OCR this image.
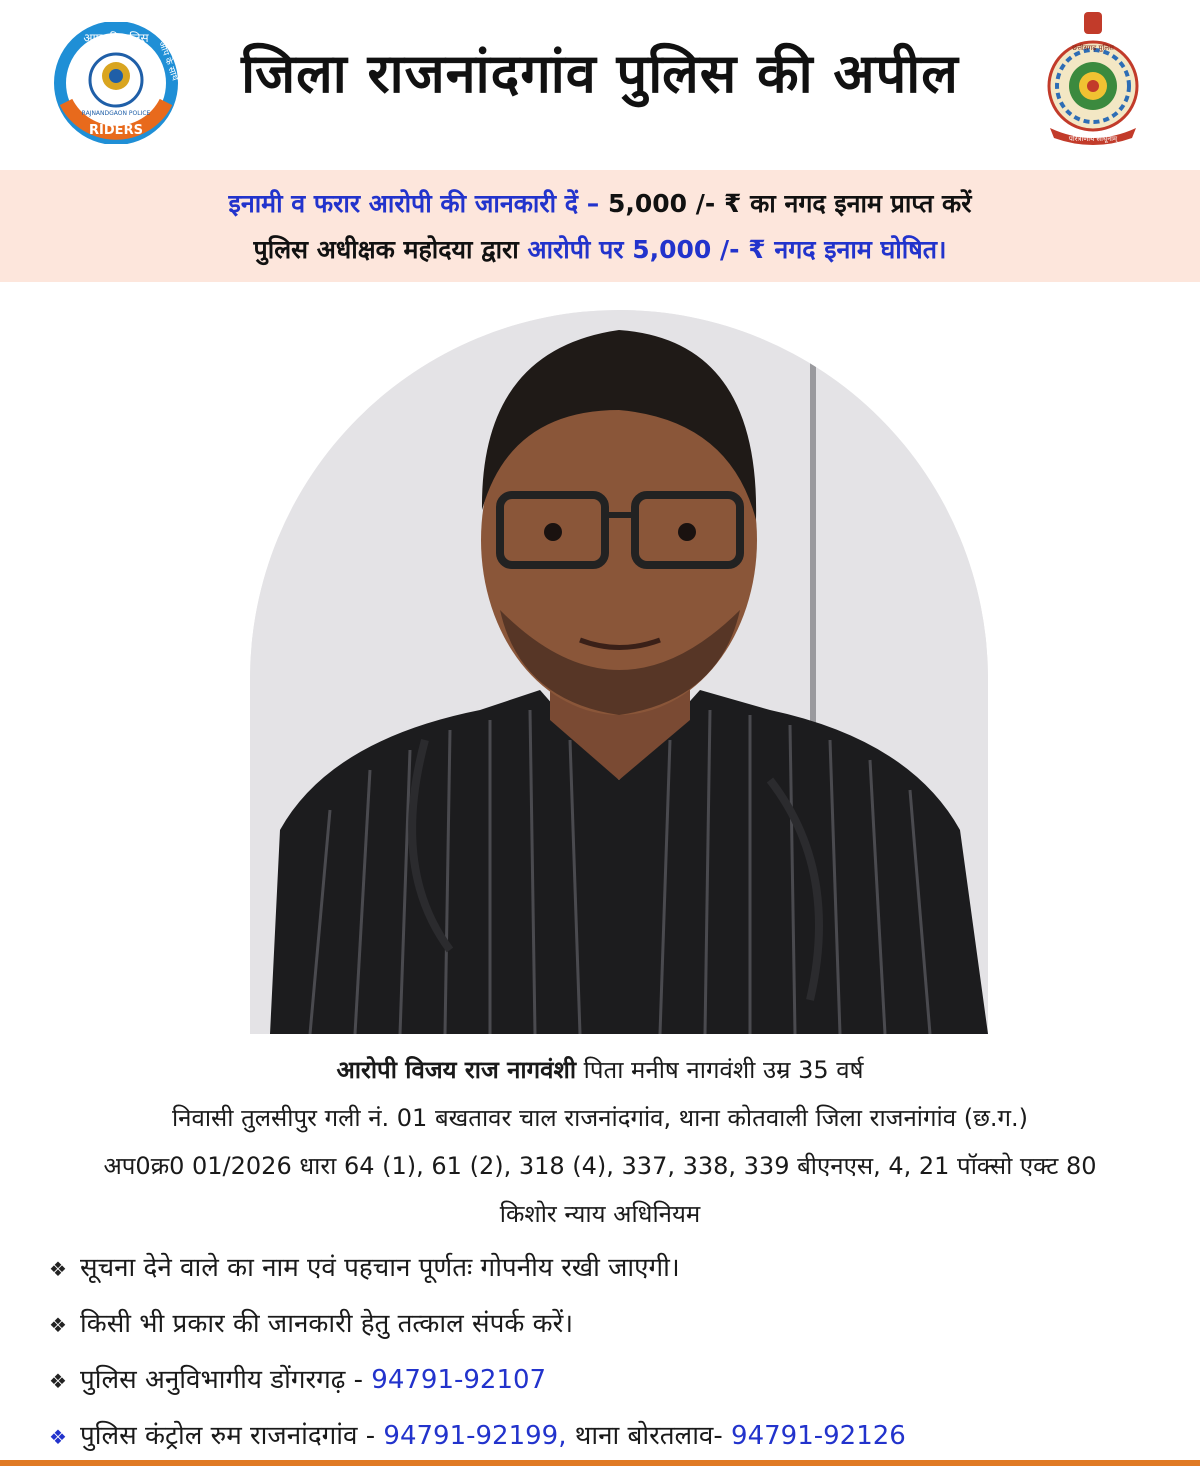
आप की पुलिस
RAJNANDGAON POLICE
RIDERS
आप के साथ	जिला राजनांदगांव पुलिस की अपील	छत्तीसगढ़ पुलिस
परित्राणाय साधूनाम्
इनामी व फरार आरोपी की जानकारी दें – 5,000 /- ₹ का नगद इनाम प्राप्त करें
पुलिस अधीक्षक महोदया द्वारा आरोपी पर 5,000 /- ₹ नगद इनाम घोषित।
आरोपी विजय राज नागवंशी पिता मनीष नागवंशी उम्र 35 वर्ष
निवासी तुलसीपुर गली नं. 01 बखतावर चाल राजनांदगांव, थाना कोतवाली जिला राजनांगांव (छ.ग.)
अप0क्र0 01/2026 धारा 64 (1), 61 (2), 318 (4), 337, 338, 339 बीएनएस, 4, 21 पॉक्सो एक्ट 80
किशोर न्याय अधिनियम
❖ सूचना देने वाले का नाम एवं पहचान पूर्णतः गोपनीय रखी जाएगी।
❖ किसी भी प्रकार की जानकारी हेतु तत्काल संपर्क करें।
❖ पुलिस अनुविभागीय डोंगरगढ़ - 94791-92107
❖ पुलिस कंट्रोल रुम राजनांदगांव - 94791-92199, थाना बोरतलाव- 94791-92126
